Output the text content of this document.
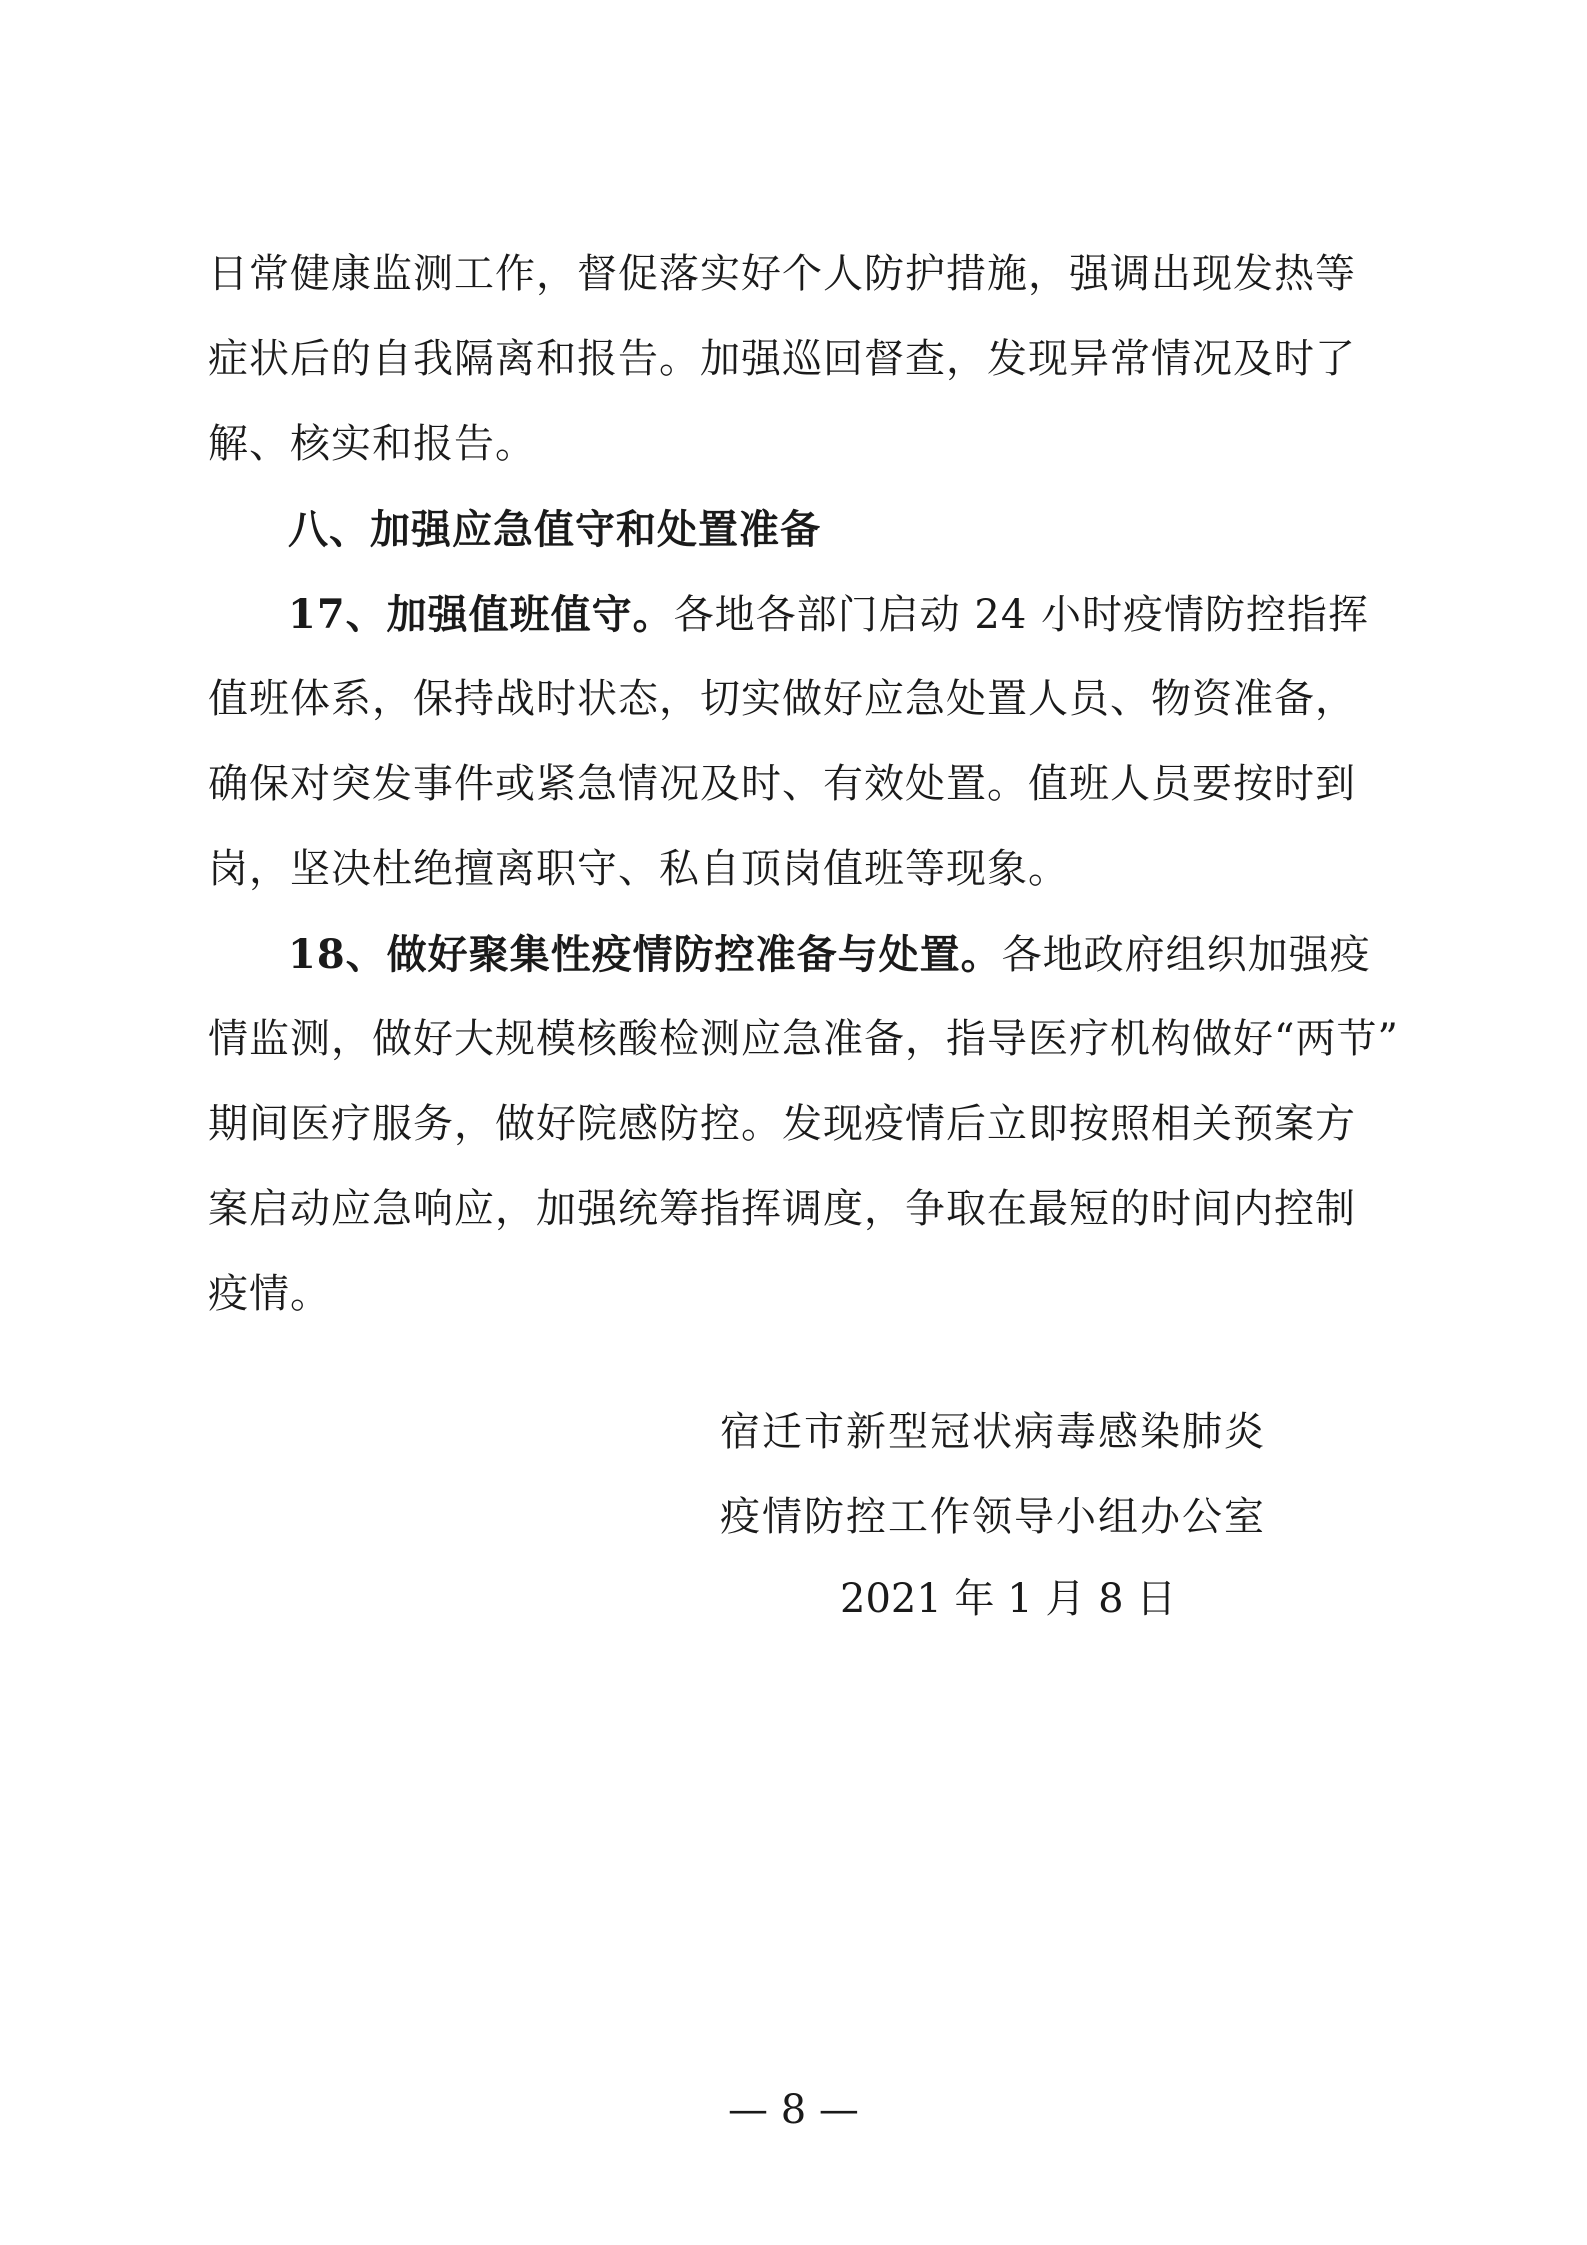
日常健康监测工作，督促落实好个人防护措施，强调出现发热等
症状后的自我隔离和报告。加强巡回督查，发现异常情况及时了
解、核实和报告。
八、加强应急值守和处置准备
17、加强值班值守。各地各部门启动 24 小时疫情防控指挥
值班体系，保持战时状态，切实做好应急处置人员、物资准备，
确保对突发事件或紧急情况及时、有效处置。值班人员要按时到
岗，坚决杜绝擅离职守、私自顶岗值班等现象。
18、做好聚集性疫情防控准备与处置。各地政府组织加强疫
情监测，做好大规模核酸检测应急准备，指导医疗机构做好“两节”
期间医疗服务，做好院感防控。发现疫情后立即按照相关预案方
案启动应急响应，加强统筹指挥调度，争取在最短的时间内控制
疫情。
宿迁市新型冠状病毒感染肺炎
疫情防控工作领导小组办公室
2021 年 1 月 8 日
— 8 —
